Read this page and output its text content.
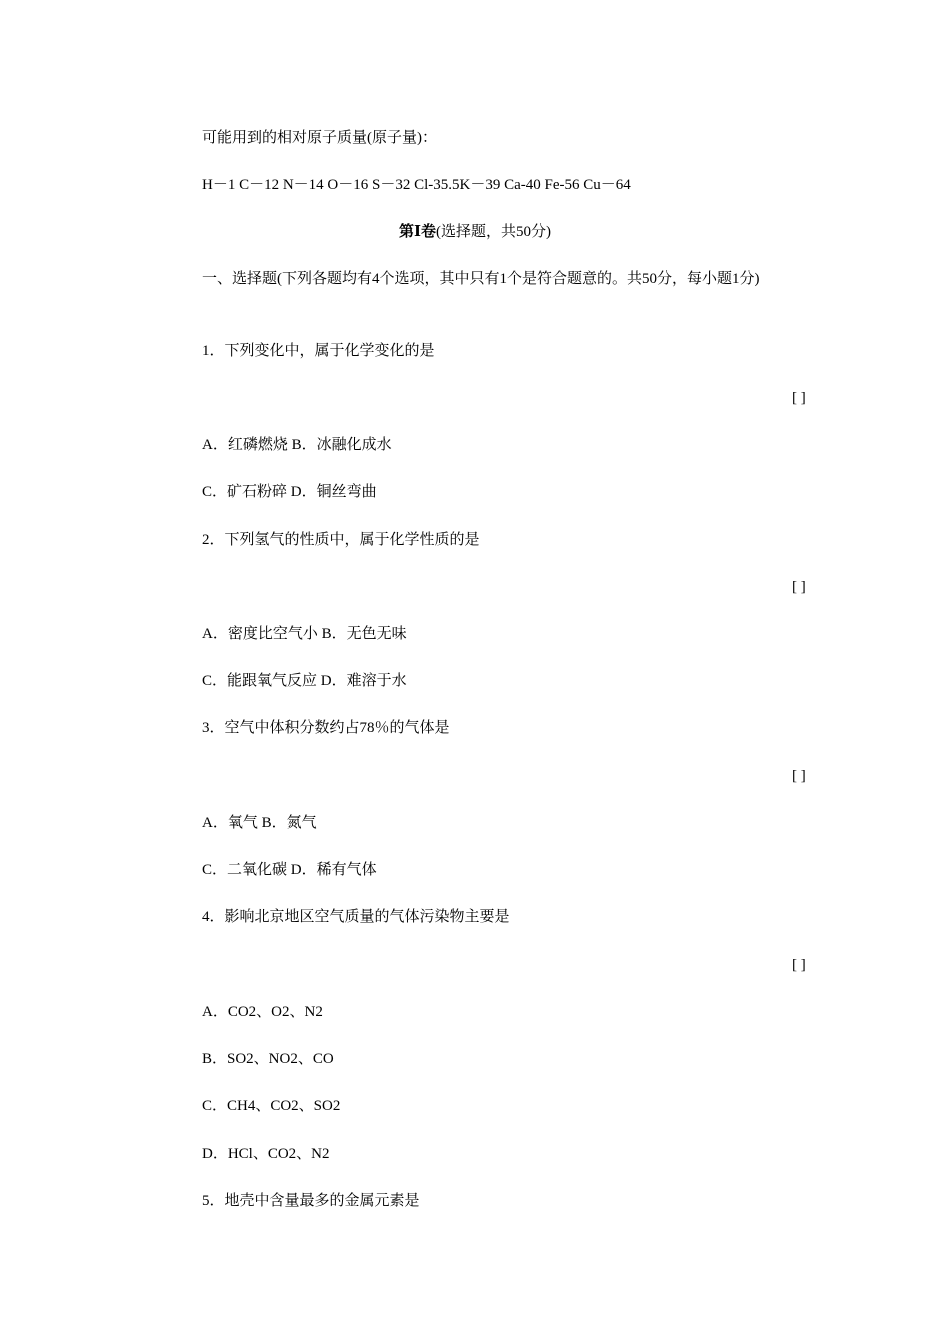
可能用到的相对原子质量(原子量)：
H－1 C－12 N－14 O－16 S－32 Cl-35.5K－39 Ca-40 Fe-56 Cu－64
第Ⅰ卷(选择题，共50分)
一、选择题(下列各题均有4个选项，其中只有1个是符合题意的。共50分，每小题1分)
1．下列变化中，属于化学变化的是
[ ]
A．红磷燃烧 B．冰融化成水
C．矿石粉碎 D．铜丝弯曲
2．下列氢气的性质中，属于化学性质的是
[ ]
A．密度比空气小 B．无色无味
C．能跟氧气反应 D．难溶于水
3．空气中体积分数约占78％的气体是
[ ]
A．氧气 B．氮气
C．二氧化碳 D．稀有气体
4．影响北京地区空气质量的气体污染物主要是
[ ]
A．CO2、O2、N2
B．SO2、NO2、CO
C．CH4、CO2、SO2
D．HCl、CO2、N2
5．地壳中含量最多的金属元素是
